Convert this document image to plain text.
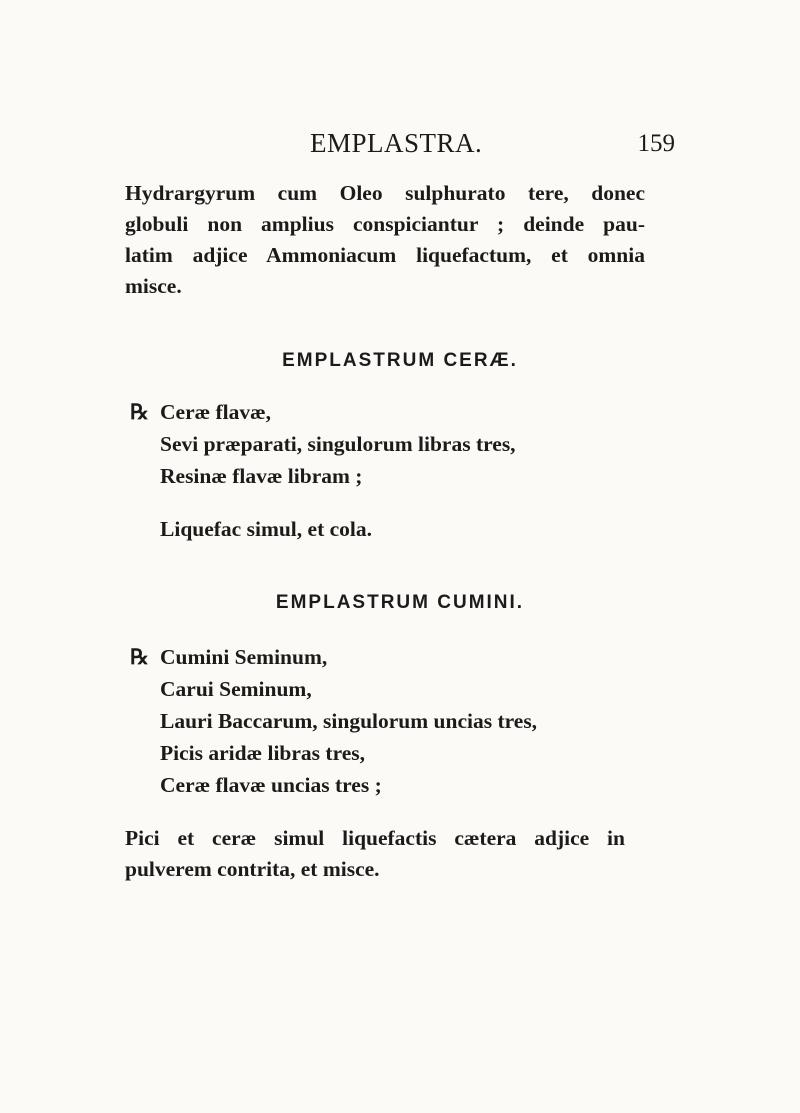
EMPLASTRA.	159
Hydrargyrum cum Oleo sulphurato tere, donec
globuli non amplius conspiciantur ; deinde pau-
latim adjice Ammoniacum liquefactum, et omnia
misce.
EMPLASTRUM CERÆ.
℞ Ceræ flavæ,
Sevi præparati, singulorum libras tres,
Resinæ flavæ libram ;
Liquefac simul, et cola.
EMPLASTRUM CUMINI.
℞ Cumini Seminum,
Carui Seminum,
Lauri Baccarum, singulorum uncias tres,
Picis aridæ libras tres,
Ceræ flavæ uncias tres ;
Pici et ceræ simul liquefactis cætera adjice in
pulverem contrita, et misce.
